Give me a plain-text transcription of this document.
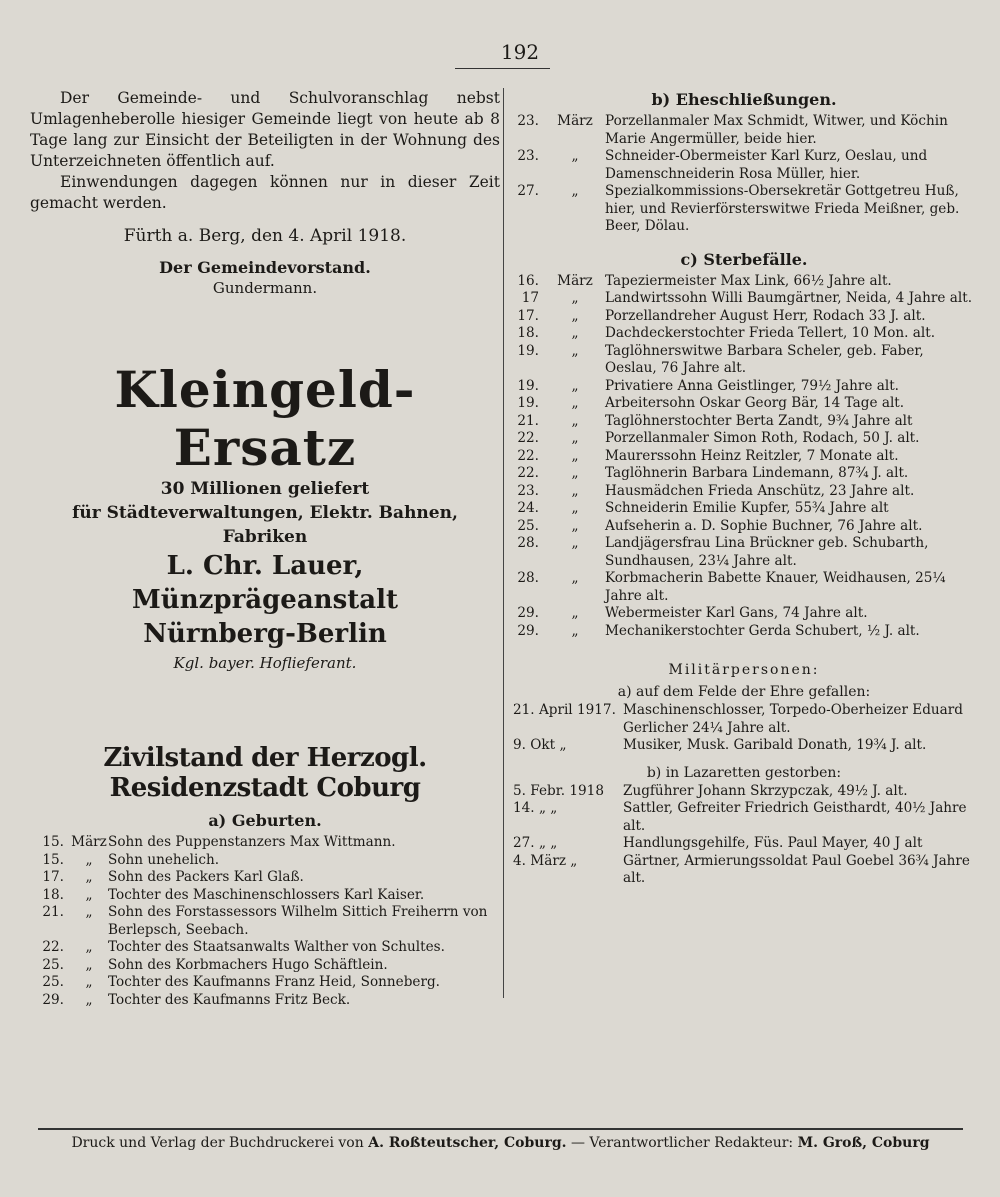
192

Der Gemeinde- und Schulvoranschlag nebst Umlagenheberolle hiesiger Gemeinde liegt von heute ab 8 Tage lang zur Einsicht der Beteiligten in der Wohnung des Unterzeichneten öffentlich auf.

Einwendungen dagegen können nur in dieser Zeit gemacht werden.

Fürth a. Berg, den 4. April 1918.

Der Gemeindevorstand.

Gundermann.

Kleingeld-Ersatz
30 Millionen geliefert
für Städteverwaltungen, Elektr. Bahnen, Fabriken
L. Chr. Lauer, Münzprägeanstalt
Nürnberg-Berlin
Kgl. bayer. Hoflieferant.
Zivilstand der Herzogl. Residenzstadt Coburg
a) Geburten.
15. März Sohn des Puppenstanzers Max Wittmann.
15.	„	Sohn unehelich.
17.	„	Sohn des Packers Karl Glaß.
18.	„	Tochter des Maschinenschlossers Karl Kaiser.
21.	„	Sohn des Forstassessors Wilhelm Sittich Freiherrn von Berlepsch, Seebach.
22.	„	Tochter des Staatsanwalts Walther von Schultes.
25.	„	Sohn des Korbmachers Hugo Schäftlein.
25.	„	Tochter des Kaufmanns Franz Heid, Sonneberg.
29.	„	Tochter des Kaufmanns Fritz Beck.
b) Eheschließungen.
23.	März Porzellanmaler Max Schmidt, Witwer, und Köchin Marie Angermüller, beide hier.
23.	„	Schneider-Obermeister Karl Kurz, Oeslau, und Damenschneiderin Rosa Müller, hier.
27.	„	Spezialkommissions-Obersekretär Gottgetreu Huß, hier, und Revierförsterswitwe Frieda Meißner, geb. Beer, Dölau.
c) Sterbefälle.
16.	März Tapeziermeister Max Link, 66½ Jahre alt.
17	„	Landwirtssohn Willi Baumgärtner, Neida, 4 Jahre alt.
17.	„	Porzellandreher August Herr, Rodach 33 J. alt.
18.	„	Dachdeckerstochter Frieda Tellert, 10 Mon. alt.
19.	„	Taglöhnerswitwe Barbara Scheler, geb. Faber, Oeslau, 76 Jahre alt.
19.	„	Privatiere Anna Geistlinger, 79½ Jahre alt.
19.	„	Arbeitersohn Oskar Georg Bär, 14 Tage alt.
21.	„	Taglöhnerstochter Berta Zandt, 9¾ Jahre alt
22.	„	Porzellanmaler Simon Roth, Rodach, 50 J. alt.
22.	„	Maurerssohn Heinz Reitzler, 7 Monate alt.
22.	„	Taglöhnerin Barbara Lindemann, 87¾ J. alt.
23.	„	Hausmädchen Frieda Anschütz, 23 Jahre alt.
24.	„	Schneiderin Emilie Kupfer, 55¾ Jahre alt
25.	„	Aufseherin a. D. Sophie Buchner, 76 Jahre alt.
28.	„	Landjägersfrau Lina Brückner geb. Schubarth, Sundhausen, 23¼ Jahre alt.
28.	„	Korbmacherin Babette Knauer, Weidhausen, 25¼ Jahre alt.
29.	„	Webermeister Karl Gans, 74 Jahre alt.
29.	„	Mechanikerstochter Gerda Schubert, ½ J. alt.
Militärpersonen:
a) auf dem Felde der Ehre gefallen:
21. April 1917. Maschinenschlosser, Torpedo-Oberheizer Eduard Gerlicher 24¼ Jahre alt.
9. Okt „	Musiker, Musk. Garibald Donath, 19¾ J. alt.
b) in Lazaretten gestorben:
5. Febr. 1918	Zugführer Johann Skrzypczak, 49½ J. alt.
14. „ „	Sattler, Gefreiter Friedrich Geisthardt, 40½ Jahre alt.
27. „ „	Handlungsgehilfe, Füs. Paul Mayer, 40 J alt
4. März „	Gärtner, Armierungssoldat Paul Goebel 36¾ Jahre alt.
Druck und Verlag der Buchdruckerei von A. Roßteutscher, Coburg. — Verantwortlicher Redakteur: M. Groß, Coburg
